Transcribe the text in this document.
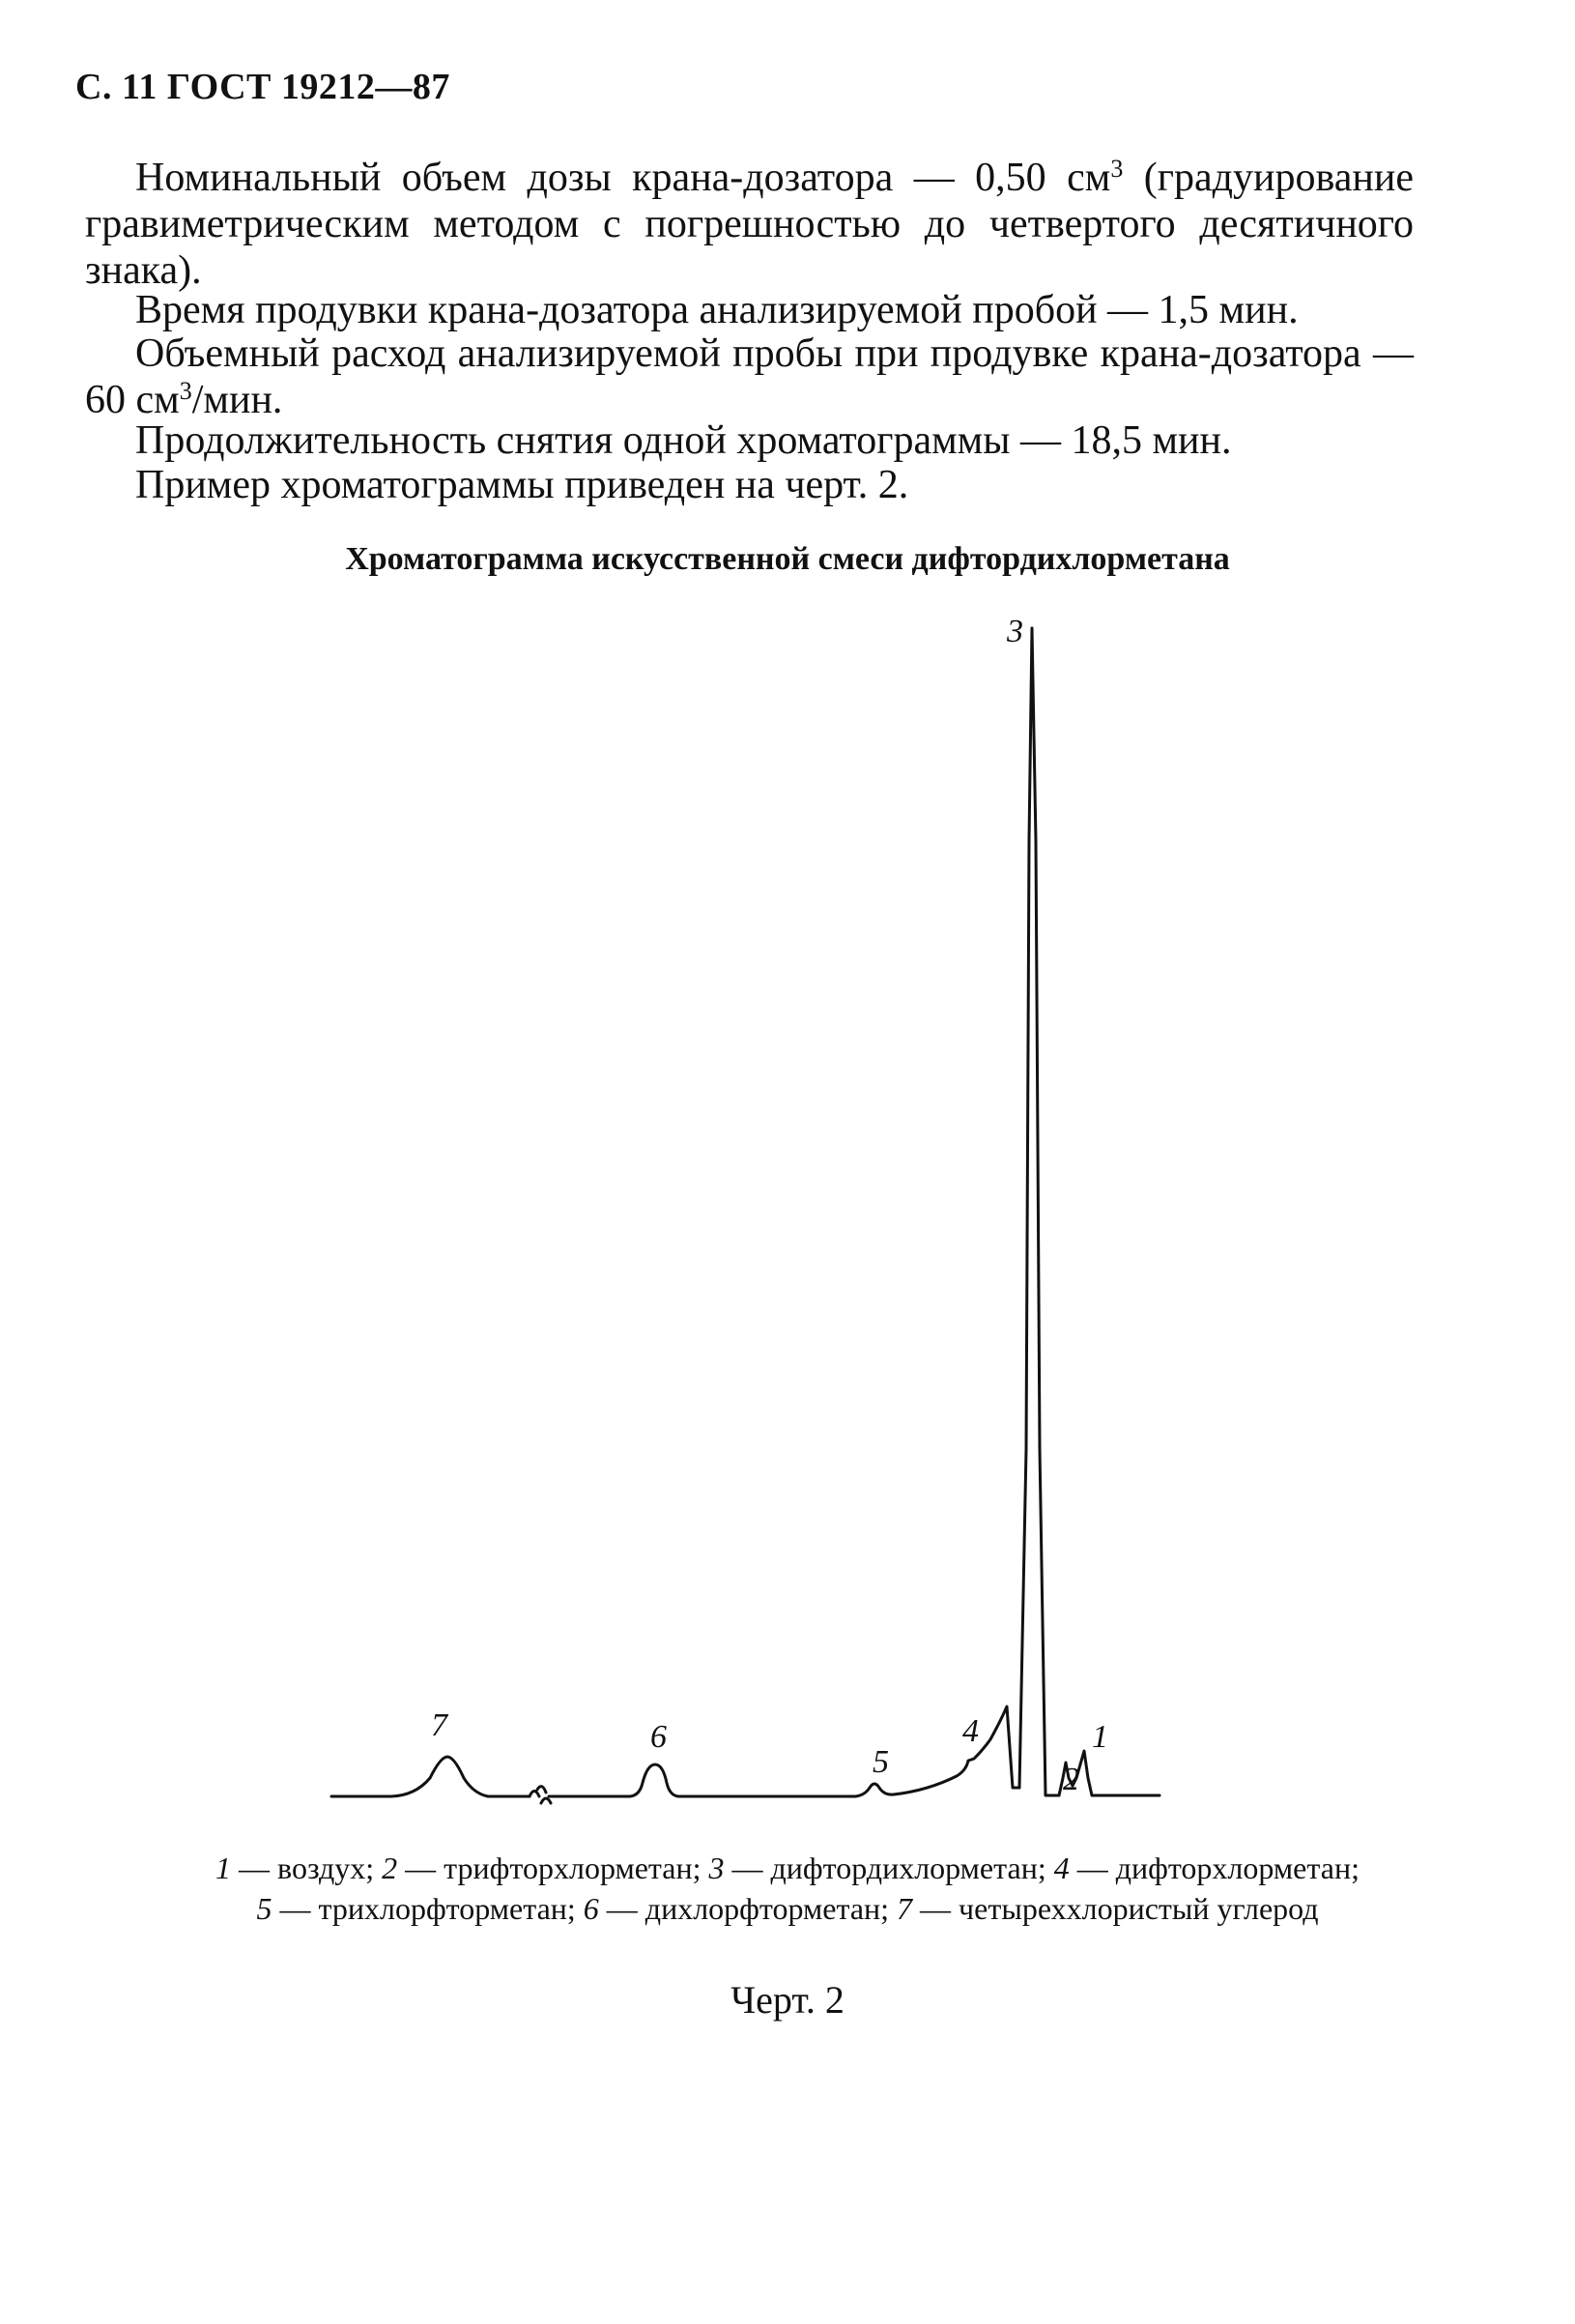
С. 11 ГОСТ 19212—87
Номинальный объем дозы крана-дозатора — 0,50 $см^3$ (градуирование гравиметрическим методом с погрешностью до четвертого десятичного знака).
Время продувки крана-дозатора анализируемой пробой — 1,5 мин.
Объемный расход анализируемой пробы при продувке крана-дозатора — 60 $см^3$/мин.
Продолжительность снятия одной хроматограммы — 18,5 мин.
Пример хроматограммы приведен на черт. 2.
Хроматограмма искусственной смеси дифтордихлорметана
1
2
3
4
5
6
7
1 — воздух; 2 — трифторхлорметан; 3 — дифтордихлорметан; 4 — дифторхлорметан;
5 — трихлорфторметан; 6 — дихлорфторметан; 7 — четыреххлористый углерод
Черт. 2
